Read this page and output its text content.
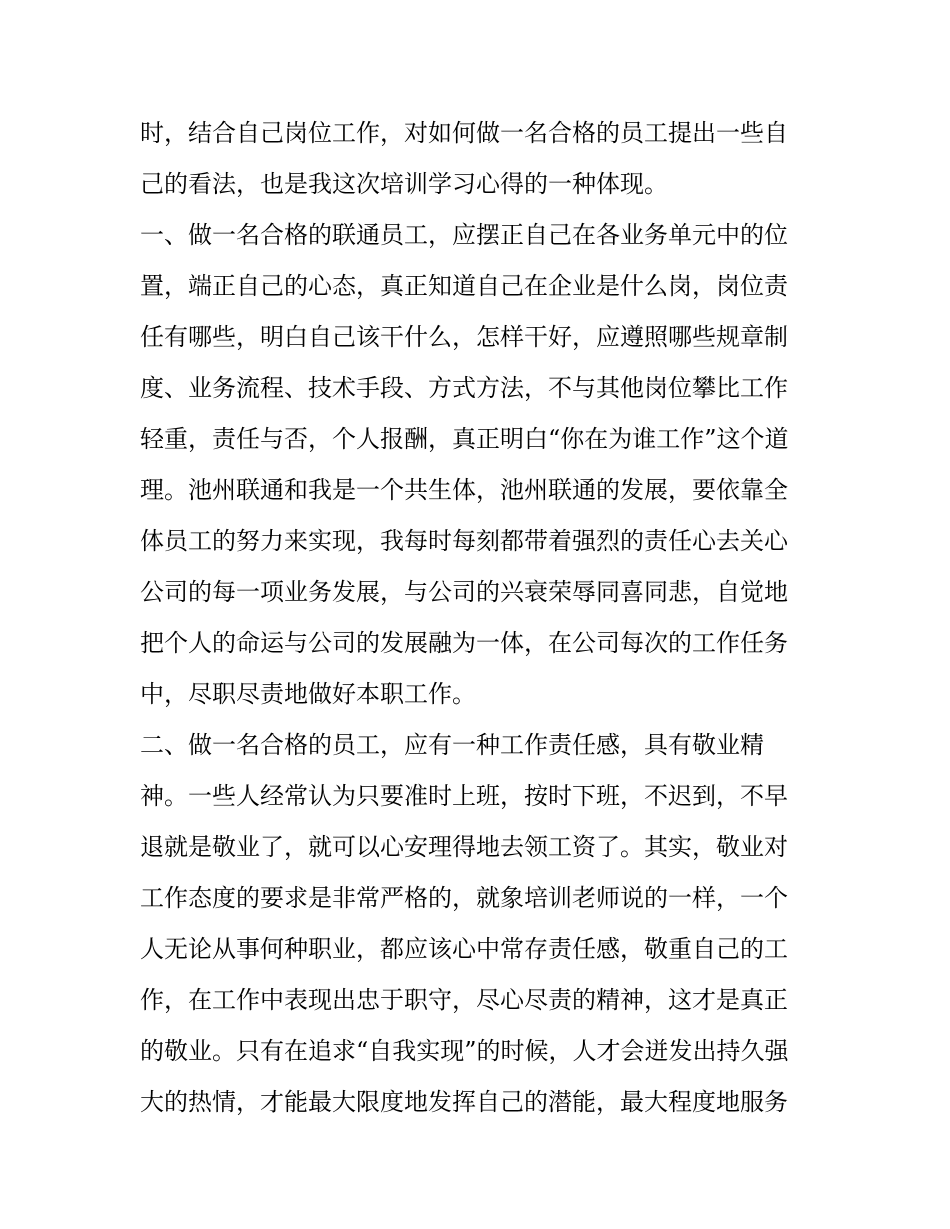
时，结合自己岗位工作，对如何做一名合格的员工提出一些自
己的看法，也是我这次培训学习心得的一种体现。
一、做一名合格的联通员工，应摆正自己在各业务单元中的位
置，端正自己的心态，真正知道自己在企业是什么岗，岗位责
任有哪些，明白自己该干什么，怎样干好，应遵照哪些规章制
度、业务流程、技术手段、方式方法，不与其他岗位攀比工作
轻重，责任与否，个人报酬，真正明白“你在为谁工作”这个道
理。池州联通和我是一个共生体，池州联通的发展，要依靠全
体员工的努力来实现，我每时每刻都带着强烈的责任心去关心
公司的每一项业务发展，与公司的兴衰荣辱同喜同悲，自觉地
把个人的命运与公司的发展融为一体，在公司每次的工作任务
中，尽职尽责地做好本职工作。
二、做一名合格的员工，应有一种工作责任感，具有敬业精
神。一些人经常认为只要准时上班，按时下班，不迟到，不早
退就是敬业了，就可以心安理得地去领工资了。其实，敬业对
工作态度的要求是非常严格的，就象培训老师说的一样，一个
人无论从事何种职业，都应该心中常存责任感，敬重自己的工
作，在工作中表现出忠于职守，尽心尽责的精神，这才是真正
的敬业。只有在追求“自我实现”的时候，人才会迸发出持久强
大的热情，才能最大限度地发挥自己的潜能，最大程度地服务
